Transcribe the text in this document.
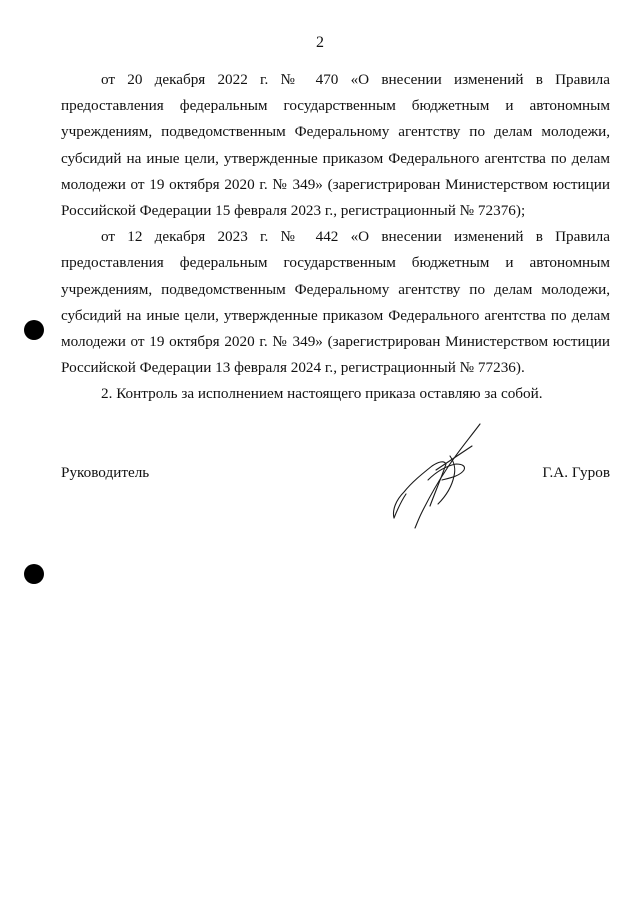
2

от 20 декабря 2022 г. № 470 «О внесении изменений в Правила предоставления федеральным государственным бюджетным и автономным учреждениям, подведомственным Федеральному агентству по делам молодежи, субсидий на иные цели, утвержденные приказом Федерального агентства по делам молодежи от 19 октября 2020 г. № 349» (зарегистрирован Министерством юстиции Российской Федерации 15 февраля 2023 г., регистрационный № 72376);

от 12 декабря 2023 г. № 442 «О внесении изменений в Правила предоставления федеральным государственным бюджетным и автономным учреждениям, подведомственным Федеральному агентству по делам молодежи, субсидий на иные цели, утвержденные приказом Федерального агентства по делам молодежи от 19 октября 2020 г. № 349» (зарегистрирован Министерством юстиции Российской Федерации 13 февраля 2024 г., регистрационный № 77236).

2. Контроль за исполнением настоящего приказа оставляю за собой.

Руководитель	Г.А. Гуров
